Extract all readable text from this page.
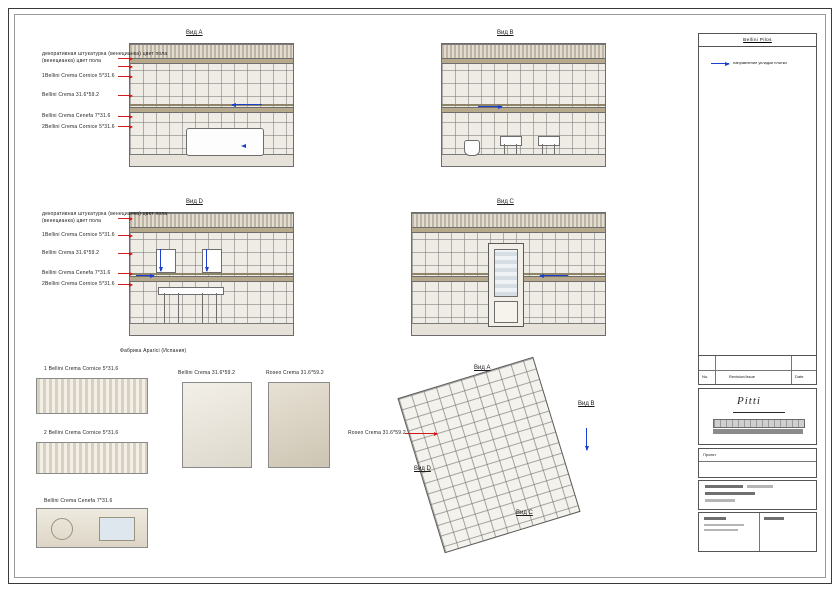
Вид A
декоративная штукатурка (венецианка) цвет пола
(венецианка) цвет пола
1Bellini Crema Cornice 5*31.6
Bellini Crema 31.6*59.2
Bellini Crema Cenefa 7*31.6
2Bellini Crema Cornice 5*31.6
Вид B
Вид D
декоративная штукатурка (венецианка) цвет пола
(венецианка) цвет пола
1Bellini Crema Cornice 5*31.6
Bellini Crema 31.6*59.2
Bellini Crema Cenefa 7*31.6
2Bellini Crema Cornice 5*31.6
Вид C
Фабрика Aparici (Испания)
1 Bellini Crema Cornice 5*31.6
2 Bellini Crema Cornice 5*31.6
Bellini Crema Cenefa 7*31.6
Bellini Crema 31.6*59.2	Roseo Crema 31.6*59.2
Вид A
Вид B
Вид C
Вид D
Roseo Crema 31.6*59.2
Bellini Pilos
направление укладки плитки
No.	Revision/Issue	Date
Pitti
Проект
